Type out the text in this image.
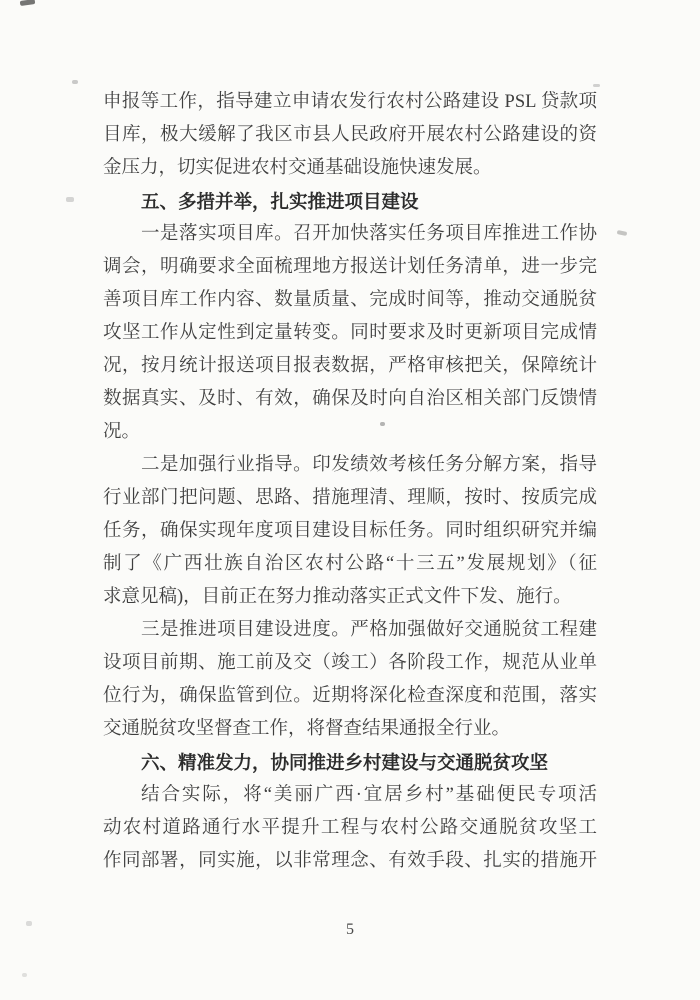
申报等工作，指导建立申请农发行农村公路建设 PSL 贷款项
目库，极大缓解了我区市县人民政府开展农村公路建设的资
金压力，切实促进农村交通基础设施快速发展。
五、多措并举，扎实推进项目建设
一是落实项目库。召开加快落实任务项目库推进工作协
调会，明确要求全面梳理地方报送计划任务清单，进一步完
善项目库工作内容、数量质量、完成时间等，推动交通脱贫
攻坚工作从定性到定量转变。同时要求及时更新项目完成情
况，按月统计报送项目报表数据，严格审核把关，保障统计
数据真实、及时、有效，确保及时向自治区相关部门反馈情
况。
二是加强行业指导。印发绩效考核任务分解方案，指导
行业部门把问题、思路、措施理清、理顺，按时、按质完成
任务，确保实现年度项目建设目标任务。同时组织研究并编
制了《广西壮族自治区农村公路“十三五”发展规划》（征
求意见稿)，目前正在努力推动落实正式文件下发、施行。
三是推进项目建设进度。严格加强做好交通脱贫工程建
设项目前期、施工前及交（竣工）各阶段工作，规范从业单
位行为，确保监管到位。近期将深化检查深度和范围，落实
交通脱贫攻坚督查工作，将督查结果通报全行业。
六、精准发力，协同推进乡村建设与交通脱贫攻坚
结合实际，将“美丽广西·宜居乡村”基础便民专项活
动农村道路通行水平提升工程与农村公路交通脱贫攻坚工
作同部署，同实施，以非常理念、有效手段、扎实的措施开
5
